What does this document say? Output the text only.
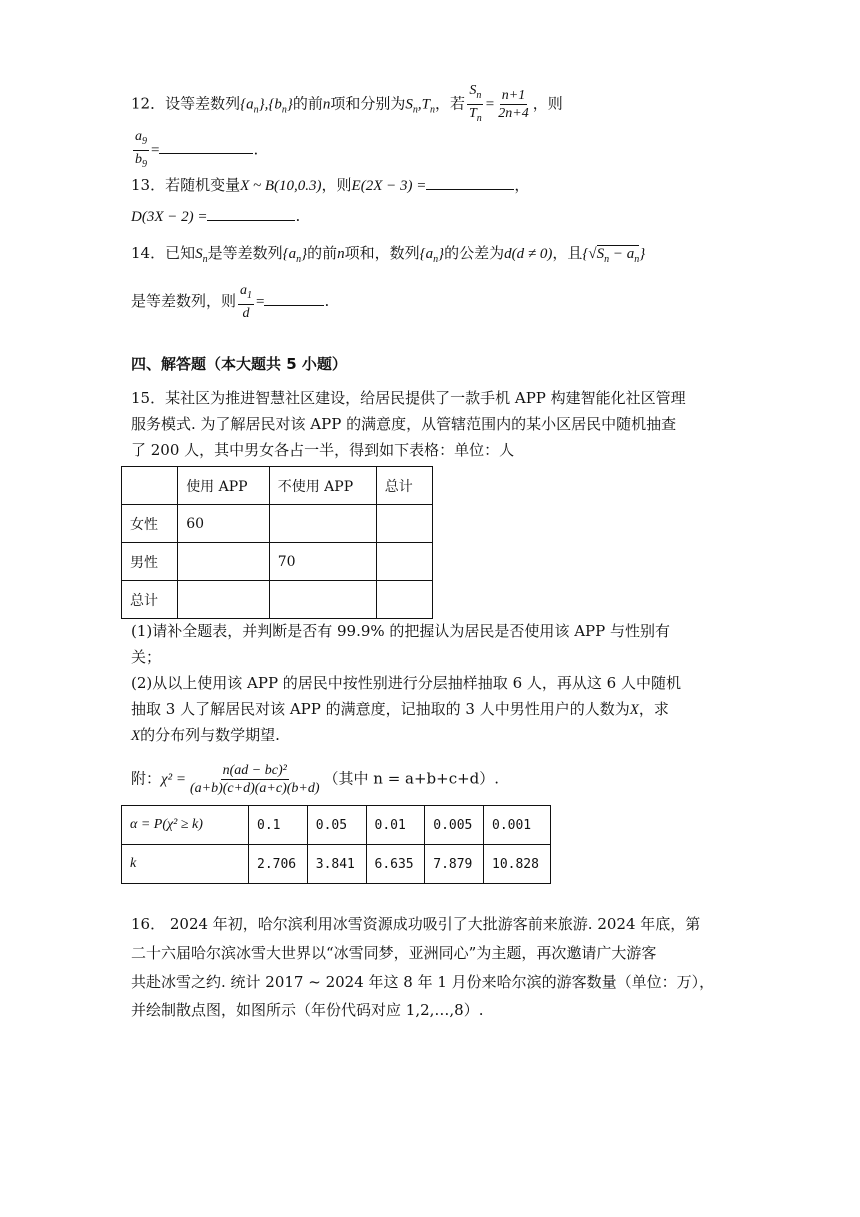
12．设等差数列$\{a_n\},\{b_n\}$的前n项和分别为$S_n,T_n$，若 $\frac{S_n}{T_n} = \frac{n+1}{2n+4}$ ，则
$\frac{a_9}{b_9}$ =	.
13．若随机变量X ~ B(10,0.3)，则E(2X − 3) =	，
D(3X − 2) =	.
14．已知$S_n$是等差数列$\{a_n\}$的前n项和，数列$\{a_n\}$的公差为d(d ≠ 0)，且$\{√S_n - a_n\}$
是等差数列，则 $\frac{a_1}{d}$ =	.
四、解答题（本大题共 5 小题）
15．某社区为推进智慧社区建设，给居民提供了一款手机 APP 构建智能化社区管理
服务模式. 为了解居民对该 APP 的满意度，从管辖范围内的某小区居民中随机抽查
了 200 人，其中男女各占一半，得到如下表格：单位：人
	使用 APP	不使用 APP	总计
女性	60		
男性		70	
总计			
(1)请补全题表，并判断是否有 99.9% 的把握认为居民是否使用该 APP 与性别有
关；
(2)从以上使用该 APP 的居民中按性别进行分层抽样抽取 6 人，再从这 6 人中随机
抽取 3 人了解居民对该 APP 的满意度，记抽取的 3 人中男性用户的人数为X，求
X的分布列与数学期望.
附：$\chi^2 = \frac{\text{n(ad − bc)²}}{(a+b)(c+d)(a+c)(b+d)}$ （其中 n = a+b+c+d）.
α = P(χ² ≥ k)	0.1	0.05	0.01	0.005	0.001
k	2.706	3.841	6.635	7.879	10.828
16． 2024 年初，哈尔滨利用冰雪资源成功吸引了大批游客前来旅游. 2024 年底，第
二十六届哈尔滨冰雪大世界以“冰雪同梦，亚洲同心”为主题，再次邀请广大游客
共赴冰雪之约. 统计 2017 ~ 2024 年这 8 年 1 月份来哈尔滨的游客数量（单位：万），
并绘制散点图，如图所示（年份代码对应 1,2,…,8）.
